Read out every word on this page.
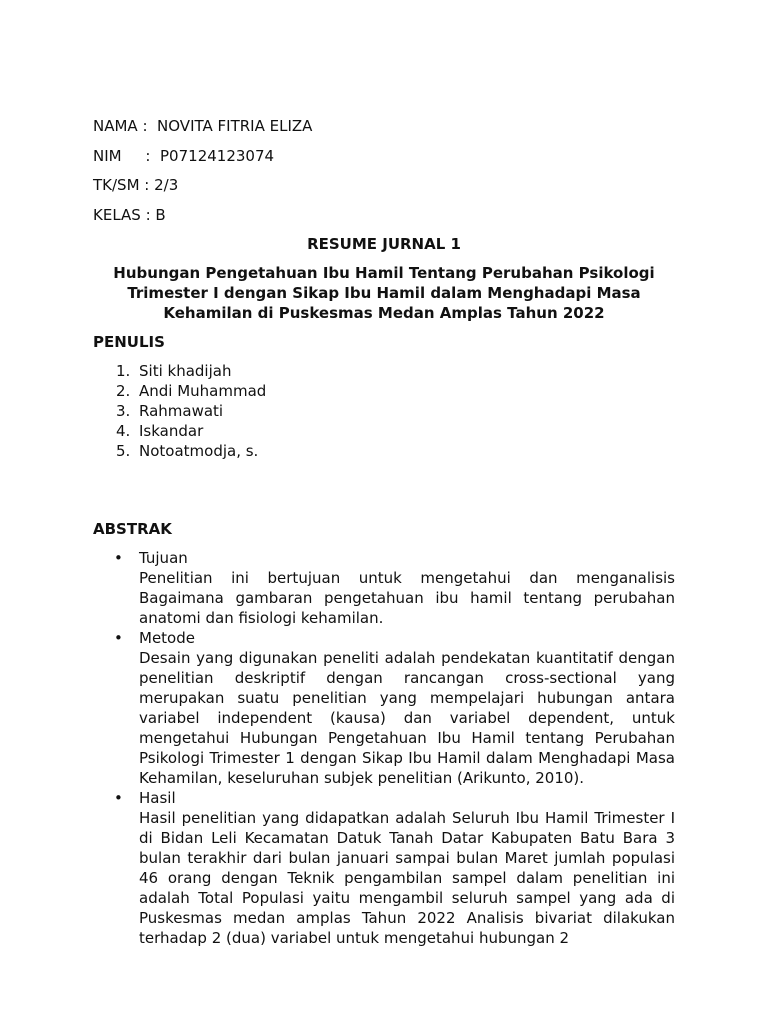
NAMA :  NOVITA FITRIA ELIZA
NIM     :  P07124123074
TK/SM : 2/3
KELAS : B
RESUME JURNAL 1
Hubungan Pengetahuan Ibu Hamil Tentang Perubahan Psikologi Trimester I dengan Sikap Ibu Hamil dalam Menghadapi Masa Kehamilan di Puskesmas Medan Amplas Tahun 2022
PENULIS
1. Siti khadijah
2. Andi Muhammad
3. Rahmawati
4. Iskandar
5. Notoatmodja, s.
ABSTRAK
• Tujuan
Penelitian ini bertujuan untuk mengetahui dan menganalisis Bagaimana gambaran pengetahuan ibu hamil tentang perubahan anatomi dan fisiologi kehamilan.
• Metode
Desain yang digunakan peneliti adalah pendekatan kuantitatif dengan penelitian deskriptif dengan rancangan cross-sectional yang merupakan suatu penelitian yang mempelajari hubungan antara variabel independent (kausa) dan variabel dependent, untuk mengetahui Hubungan Pengetahuan Ibu Hamil tentang Perubahan Psikologi Trimester 1 dengan Sikap Ibu Hamil dalam Menghadapi Masa Kehamilan, keseluruhan subjek penelitian (Arikunto, 2010).
• Hasil
Hasil penelitian yang didapatkan adalah Seluruh Ibu Hamil Trimester I di Bidan Leli Kecamatan Datuk Tanah Datar Kabupaten Batu Bara 3 bulan terakhir dari bulan januari sampai bulan Maret jumlah populasi 46 orang dengan Teknik pengambilan sampel dalam penelitian ini adalah Total Populasi yaitu mengambil seluruh sampel yang ada di Puskesmas medan amplas Tahun 2022 Analisis bivariat dilakukan terhadap 2 (dua) variabel untuk mengetahui hubungan 2
